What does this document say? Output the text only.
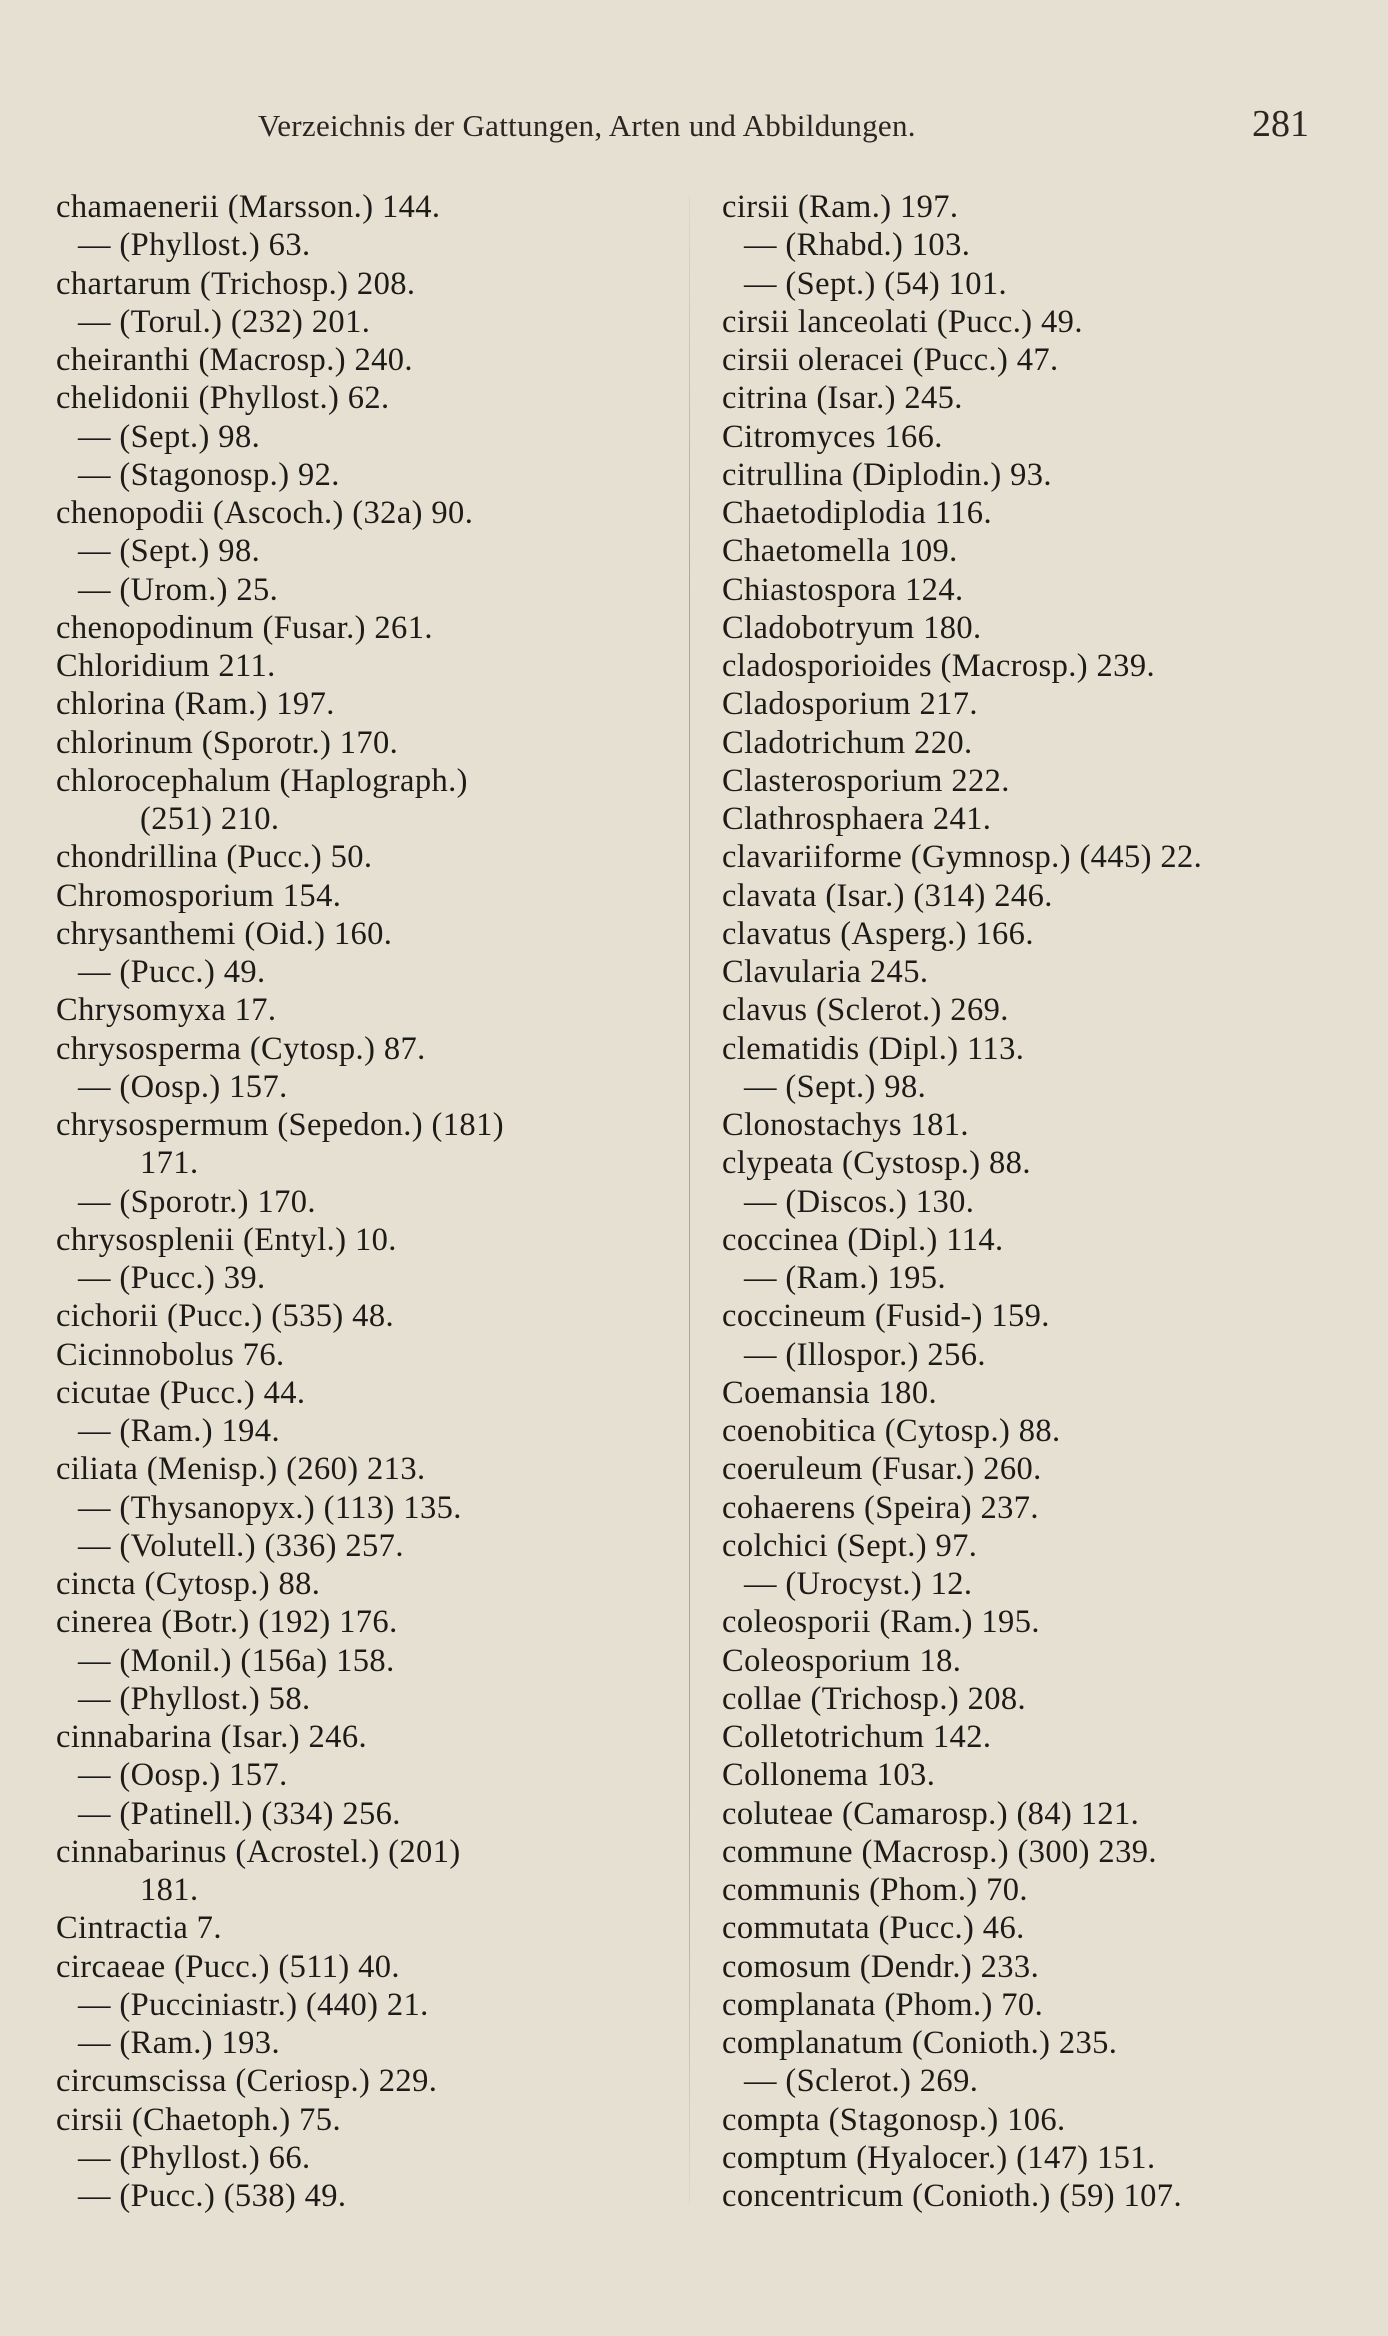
Verzeichnis der Gattungen, Arten und Abbildungen.	281
chamaenerii (Marsson.) 144.
— (Phyllost.) 63.
chartarum (Trichosp.) 208.
— (Torul.) (232) 201.
cheiranthi (Macrosp.) 240.
chelidonii (Phyllost.) 62.
— (Sept.) 98.
— (Stagonosp.) 92.
chenopodii (Ascoch.) (32a) 90.
— (Sept.) 98.
— (Urom.) 25.
chenopodinum (Fusar.) 261.
Chloridium 211.
chlorina (Ram.) 197.
chlorinum (Sporotr.) 170.
chlorocephalum (Haplograph.)
(251) 210.
chondrillina (Pucc.) 50.
Chromosporium 154.
chrysanthemi (Oid.) 160.
— (Pucc.) 49.
Chrysomyxa 17.
chrysosperma (Cytosp.) 87.
— (Oosp.) 157.
chrysospermum (Sepedon.) (181)
171.
— (Sporotr.) 170.
chrysosplenii (Entyl.) 10.
— (Pucc.) 39.
cichorii (Pucc.) (535) 48.
Cicinnobolus 76.
cicutae (Pucc.) 44.
— (Ram.) 194.
ciliata (Menisp.) (260) 213.
— (Thysanopyx.) (113) 135.
— (Volutell.) (336) 257.
cincta (Cytosp.) 88.
cinerea (Botr.) (192) 176.
— (Monil.) (156a) 158.
— (Phyllost.) 58.
cinnabarina (Isar.) 246.
— (Oosp.) 157.
— (Patinell.) (334) 256.
cinnabarinus (Acrostel.) (201)
181.
Cintractia 7.
circaeae (Pucc.) (511) 40.
— (Pucciniastr.) (440) 21.
— (Ram.) 193.
circumscissa (Ceriosp.) 229.
cirsii (Chaetoph.) 75.
— (Phyllost.) 66.
— (Pucc.) (538) 49.
cirsii (Ram.) 197.
— (Rhabd.) 103.
— (Sept.) (54) 101.
cirsii lanceolati (Pucc.) 49.
cirsii oleracei (Pucc.) 47.
citrina (Isar.) 245.
Citromyces 166.
citrullina (Diplodin.) 93.
Chaetodiplodia 116.
Chaetomella 109.
Chiastospora 124.
Cladobotryum 180.
cladosporioides (Macrosp.) 239.
Cladosporium 217.
Cladotrichum 220.
Clasterosporium 222.
Clathrosphaera 241.
clavariiforme (Gymnosp.) (445) 22.
clavata (Isar.) (314) 246.
clavatus (Asperg.) 166.
Clavularia 245.
clavus (Sclerot.) 269.
clematidis (Dipl.) 113.
— (Sept.) 98.
Clonostachys 181.
clypeata (Cystosp.) 88.
— (Discos.) 130.
coccinea (Dipl.) 114.
— (Ram.) 195.
coccineum (Fusid-) 159.
— (Illospor.) 256.
Coemansia 180.
coenobitica (Cytosp.) 88.
coeruleum (Fusar.) 260.
cohaerens (Speira) 237.
colchici (Sept.) 97.
— (Urocyst.) 12.
coleosporii (Ram.) 195.
Coleosporium 18.
collae (Trichosp.) 208.
Colletotrichum 142.
Collonema 103.
coluteae (Camarosp.) (84) 121.
commune (Macrosp.) (300) 239.
communis (Phom.) 70.
commutata (Pucc.) 46.
comosum (Dendr.) 233.
complanata (Phom.) 70.
complanatum (Conioth.) 235.
— (Sclerot.) 269.
compta (Stagonosp.) 106.
comptum (Hyalocer.) (147) 151.
concentricum (Conioth.) (59) 107.
